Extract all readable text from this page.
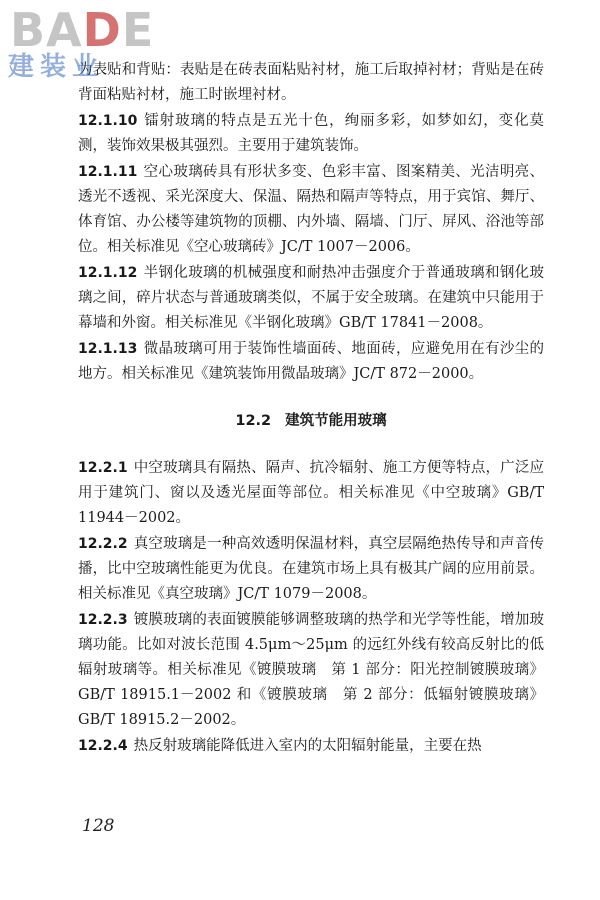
BADE
建装业

为表贴和背贴：表贴是在砖表面粘贴衬材，施工后取掉衬材；背贴是在砖背面粘贴衬材，施工时嵌埋衬材。

12.1.10 镭射玻璃的特点是五光十色，绚丽多彩，如梦如幻，变化莫测，装饰效果极其强烈。主要用于建筑装饰。

12.1.11 空心玻璃砖具有形状多变、色彩丰富、图案精美、光洁明亮、透光不透视、采光深度大、保温、隔热和隔声等特点，用于宾馆、舞厅、体育馆、办公楼等建筑物的顶棚、内外墙、隔墙、门厅、屏风、浴池等部位。相关标准见《空心玻璃砖》JC/T 1007－2006。

12.1.12 半钢化玻璃的机械强度和耐热冲击强度介于普通玻璃和钢化玻璃之间，碎片状态与普通玻璃类似，不属于安全玻璃。在建筑中只能用于幕墙和外窗。相关标准见《半钢化玻璃》GB/T 17841－2008。

12.1.13 微晶玻璃可用于装饰性墙面砖、地面砖，应避免用在有沙尘的地方。相关标准见《建筑装饰用微晶玻璃》JC/T 872－2000。

12.2 建筑节能用玻璃

12.2.1 中空玻璃具有隔热、隔声、抗冷辐射、施工方便等特点，广泛应用于建筑门、窗以及透光屋面等部位。相关标准见《中空玻璃》GB/T 11944－2002。

12.2.2 真空玻璃是一种高效透明保温材料，真空层隔绝热传导和声音传播，比中空玻璃性能更为优良。在建筑市场上具有极其广阔的应用前景。相关标准见《真空玻璃》JC/T 1079－2008。

12.2.3 镀膜玻璃的表面镀膜能够调整玻璃的热学和光学等性能，增加玻璃功能。比如对波长范围 4.5μm～25μm 的远红外线有较高反射比的低辐射玻璃等。相关标准见《镀膜玻璃　第 1 部分：阳光控制镀膜玻璃》GB/T 18915.1－2002 和《镀膜玻璃　第 2 部分：低辐射镀膜玻璃》GB/T 18915.2－2002。

12.2.4 热反射玻璃能降低进入室内的太阳辐射能量，主要在热

128
